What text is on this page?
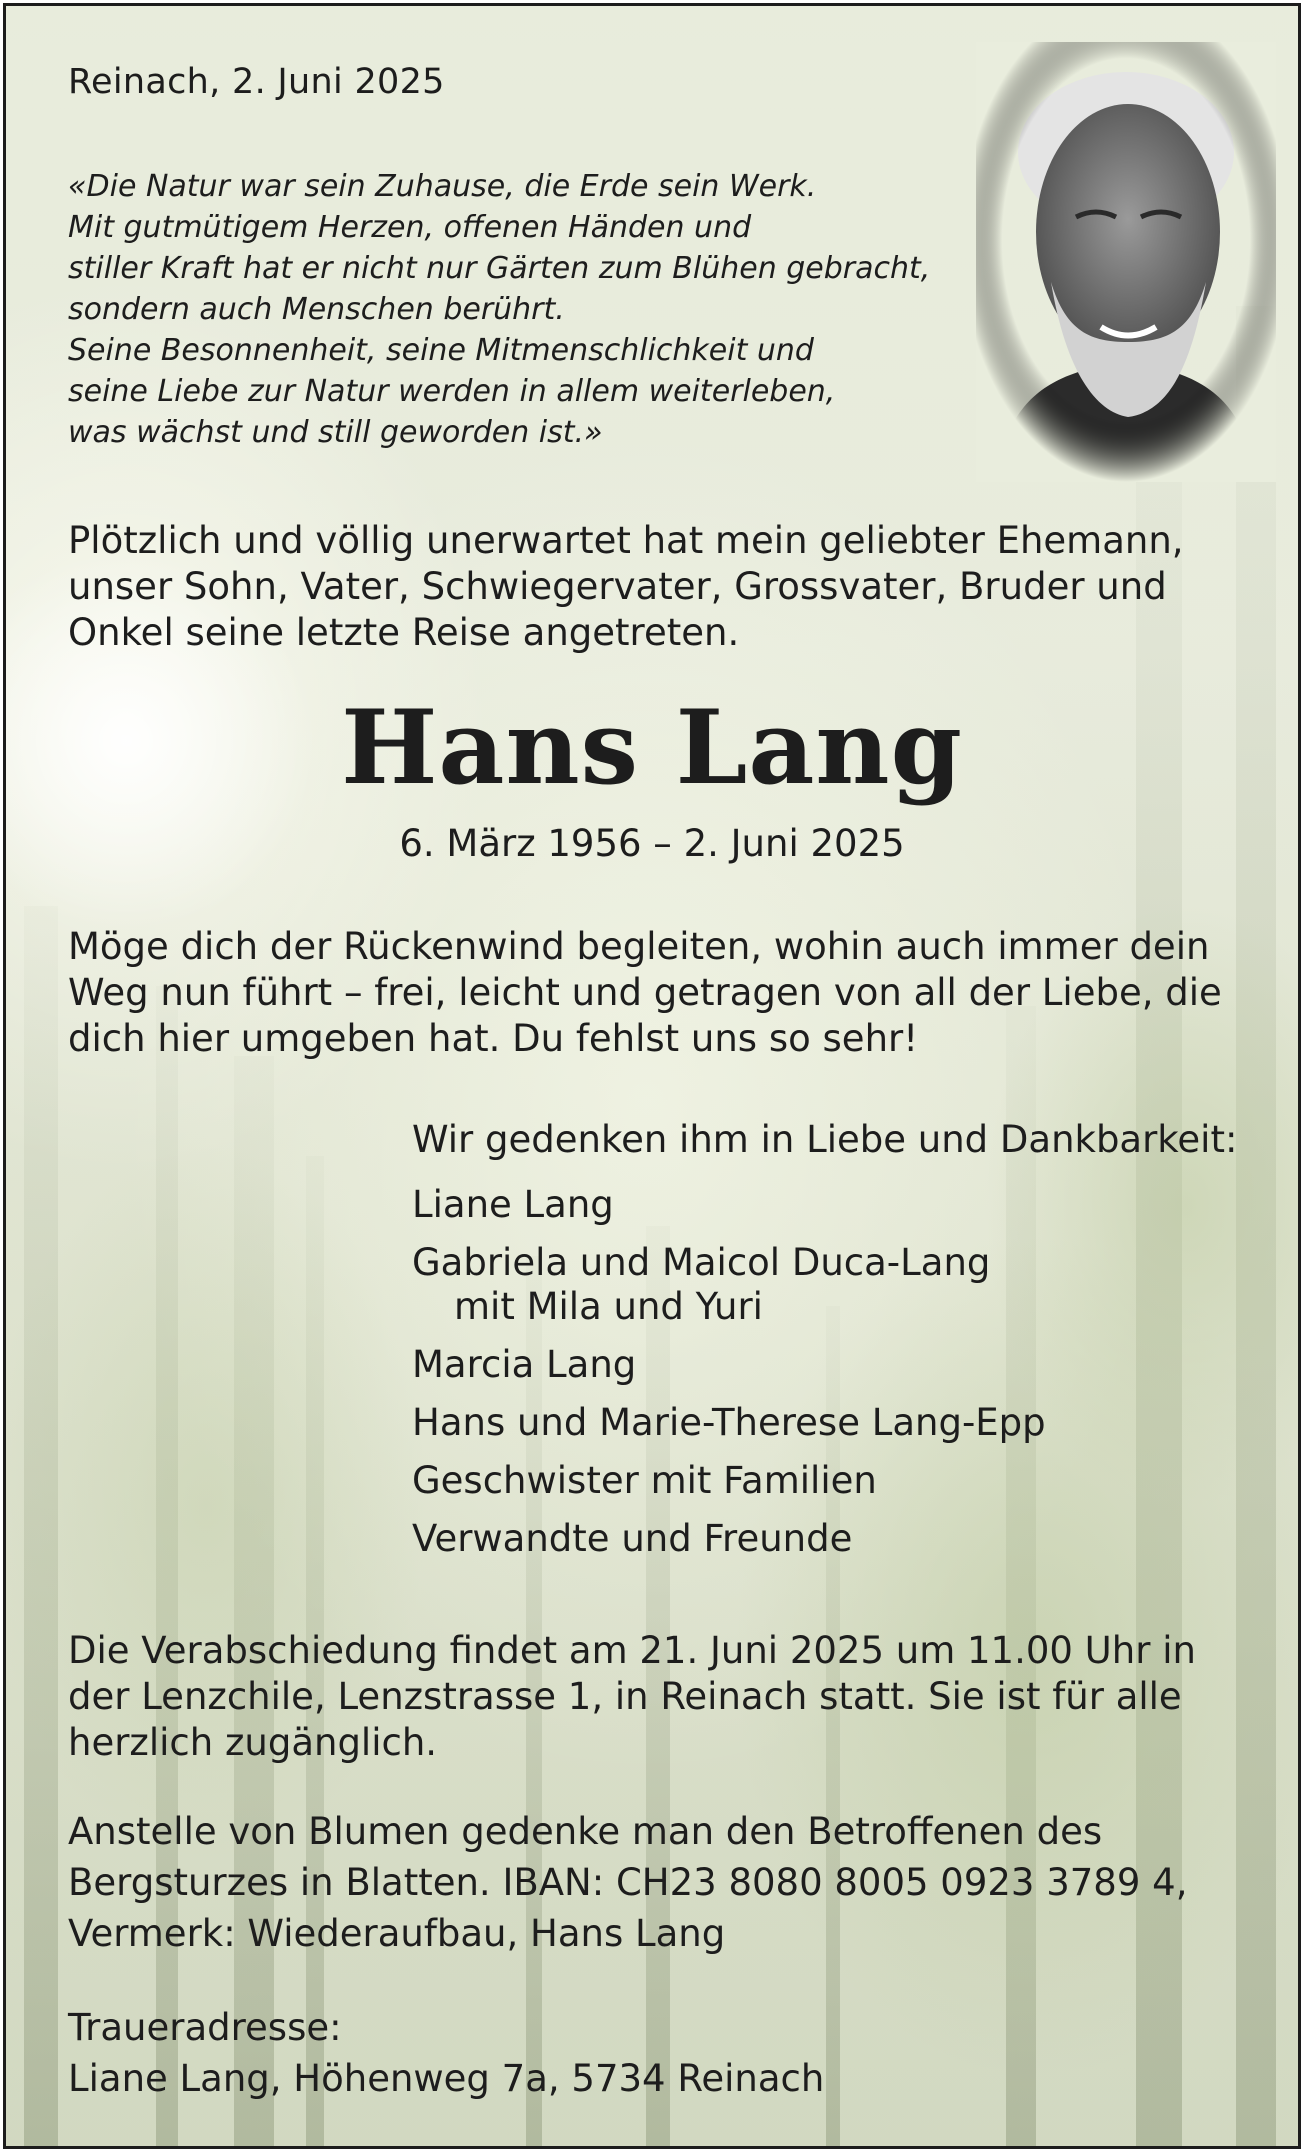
Reinach, 2. Juni 2025

«Die Natur war sein Zuhause, die Erde sein Werk.
Mit gutmütigem Herzen, offenen Händen und
stiller Kraft hat er nicht nur Gärten zum Blühen gebracht,
sondern auch Menschen berührt.
Seine Besonnenheit, seine Mitmenschlichkeit und
seine Liebe zur Natur werden in allem weiterleben,
was wächst und still geworden ist.»

Plötzlich und völlig unerwartet hat mein geliebter Ehemann,
unser Sohn, Vater, Schwiegervater, Grossvater, Bruder und
Onkel seine letzte Reise angetreten.
Hans Lang
6. März 1956 – 2. Juni 2025
Möge dich der Rückenwind begleiten, wohin auch immer dein
Weg nun führt – frei, leicht und getragen von all der Liebe, die
dich hier umgeben hat. Du fehlst uns so sehr!
Wir gedenken ihm in Liebe und Dankbarkeit:
Liane Lang
Gabriela und Maicol Duca-Lang
mit Mila und Yuri
Marcia Lang
Hans und Marie-Therese Lang-Epp
Geschwister mit Familien
Verwandte und Freunde
Die Verabschiedung findet am 21. Juni 2025 um 11.00 Uhr in
der Lenzchile, Lenzstrasse 1, in Reinach statt. Sie ist für alle
herzlich zugänglich.
Anstelle von Blumen gedenke man den Betroffenen des
Bergsturzes in Blatten. IBAN: CH23 8080 8005 0923 3789 4,
Vermerk: Wiederaufbau, Hans Lang
Traueradresse:
Liane Lang, Höhenweg 7a, 5734 Reinach
